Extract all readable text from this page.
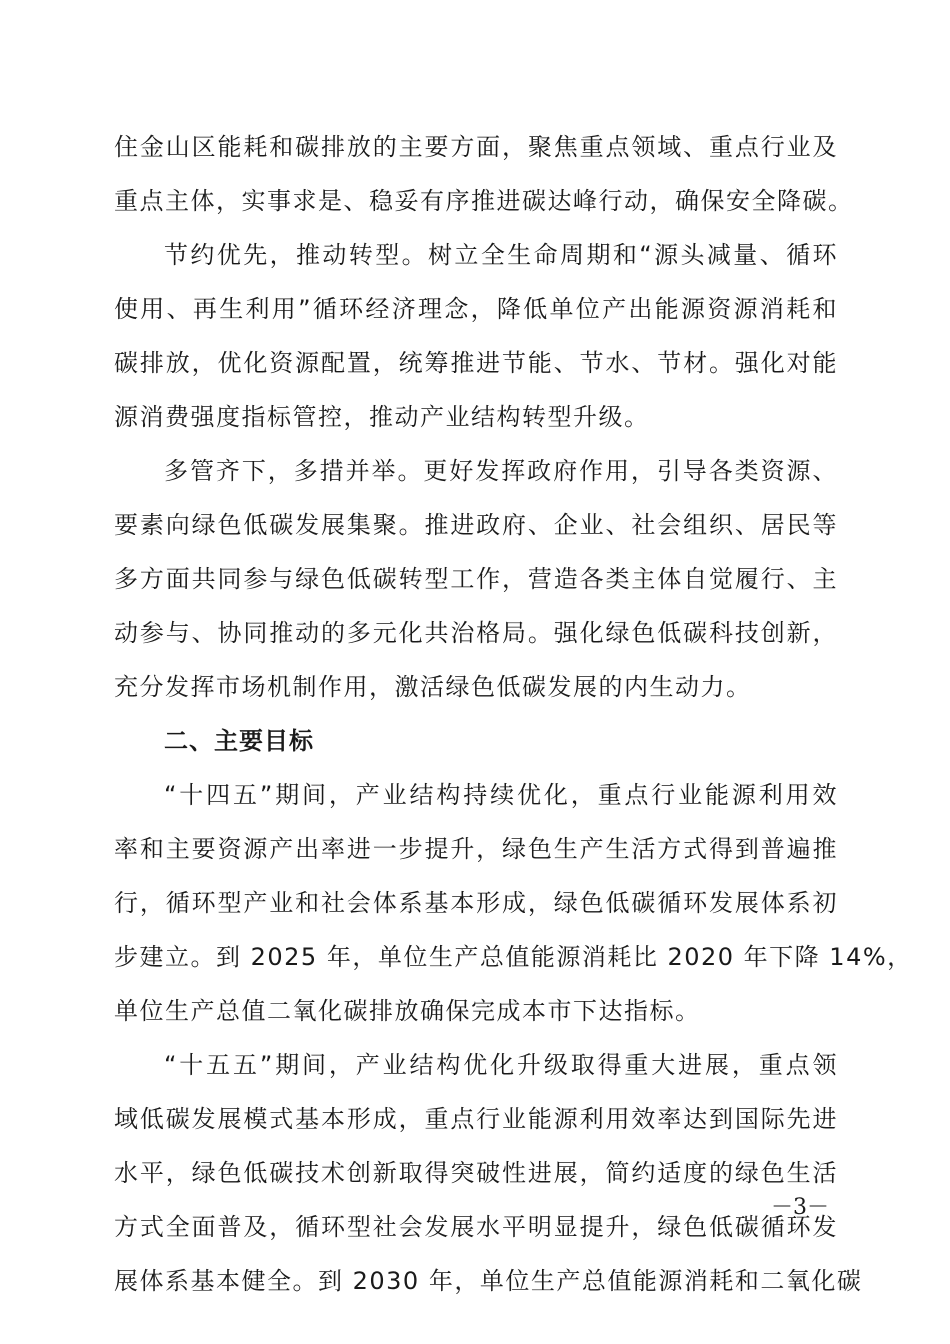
住金山区能耗和碳排放的主要方面，聚焦重点领域、重点行业及
重点主体，实事求是、稳妥有序推进碳达峰行动，确保安全降碳。
节约优先，推动转型。树立全生命周期和“源头减量、循环
使用、再生利用”循环经济理念，降低单位产出能源资源消耗和
碳排放，优化资源配置，统筹推进节能、节水、节材。强化对能
源消费强度指标管控，推动产业结构转型升级。
多管齐下，多措并举。更好发挥政府作用，引导各类资源、
要素向绿色低碳发展集聚。推进政府、企业、社会组织、居民等
多方面共同参与绿色低碳转型工作，营造各类主体自觉履行、主
动参与、协同推动的多元化共治格局。强化绿色低碳科技创新，
充分发挥市场机制作用，激活绿色低碳发展的内生动力。
二、主要目标
“十四五”期间，产业结构持续优化，重点行业能源利用效
率和主要资源产出率进一步提升，绿色生产生活方式得到普遍推
行，循环型产业和社会体系基本形成，绿色低碳循环发展体系初
步建立。到 2025 年，单位生产总值能源消耗比 2020 年下降 14%，
单位生产总值二氧化碳排放确保完成本市下达指标。
“十五五”期间，产业结构优化升级取得重大进展，重点领
域低碳发展模式基本形成，重点行业能源利用效率达到国际先进
水平，绿色低碳技术创新取得突破性进展，简约适度的绿色生活
方式全面普及，循环型社会发展水平明显提升，绿色低碳循环发
展体系基本健全。到 2030 年，单位生产总值能源消耗和二氧化碳
－3－
